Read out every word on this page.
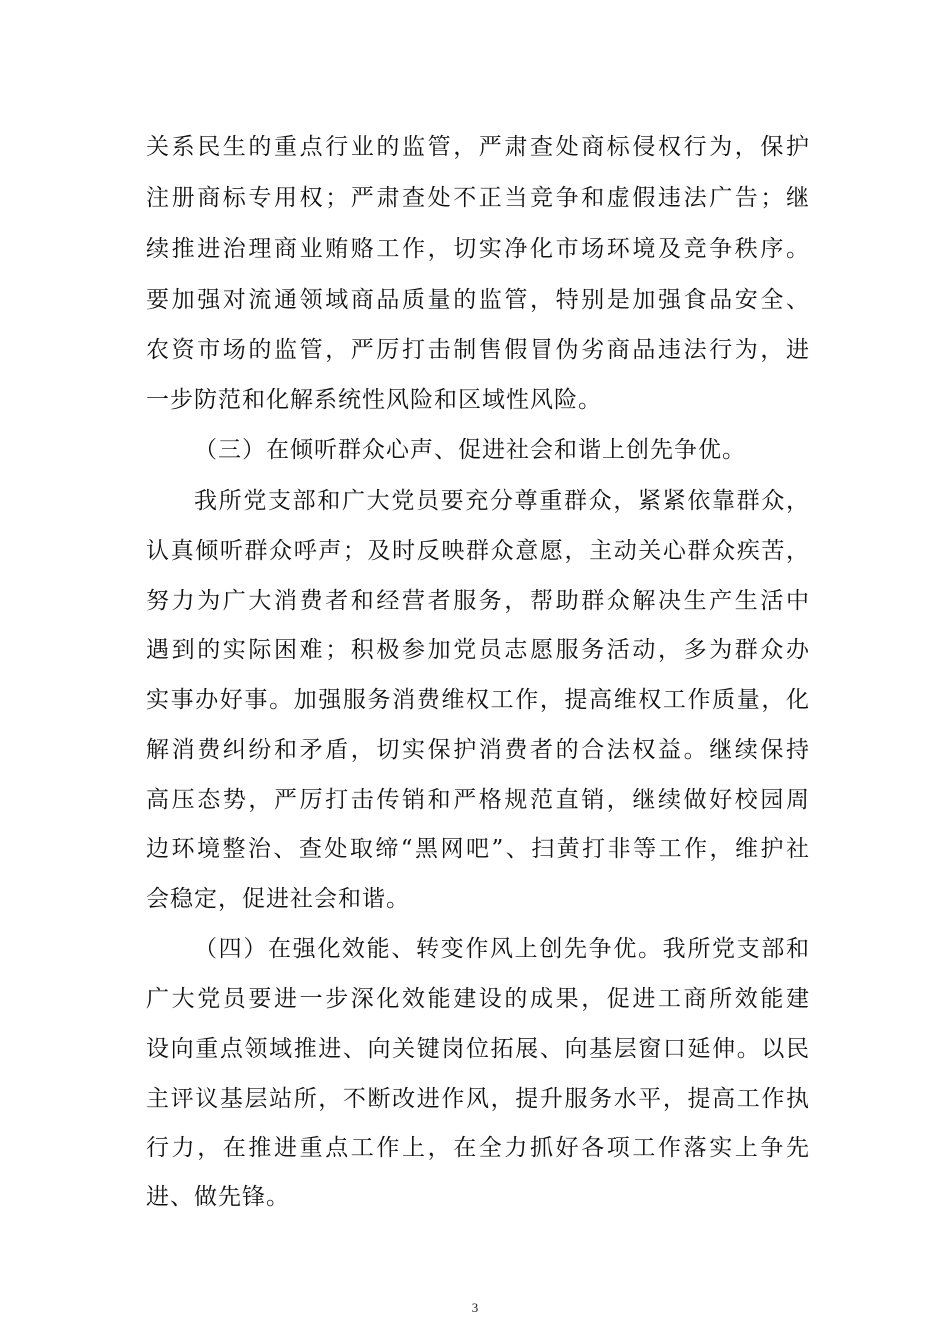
关系民生的重点行业的监管，严肃查处商标侵权行为，保护
注册商标专用权；严肃查处不正当竞争和虚假违法广告；继
续推进治理商业贿赂工作，切实净化市场环境及竞争秩序。
要加强对流通领域商品质量的监管，特别是加强食品安全、
农资市场的监管，严厉打击制售假冒伪劣商品违法行为，进
一步防范和化解系统性风险和区域性风险。
（三）在倾听群众心声、促进社会和谐上创先争优。
我所党支部和广大党员要充分尊重群众，紧紧依靠群众，
认真倾听群众呼声；及时反映群众意愿，主动关心群众疾苦，
努力为广大消费者和经营者服务，帮助群众解决生产生活中
遇到的实际困难；积极参加党员志愿服务活动，多为群众办
实事办好事。加强服务消费维权工作，提高维权工作质量，化
解消费纠纷和矛盾，切实保护消费者的合法权益。继续保持
高压态势，严厉打击传销和严格规范直销，继续做好校园周
边环境整治、查处取缔“黑网吧”、扫黄打非等工作，维护社
会稳定，促进社会和谐。
（四）在强化效能、转变作风上创先争优。我所党支部和
广大党员要进一步深化效能建设的成果，促进工商所效能建
设向重点领域推进、向关键岗位拓展、向基层窗口延伸。以民
主评议基层站所，不断改进作风，提升服务水平，提高工作执
行力，在推进重点工作上，在全力抓好各项工作落实上争先
进、做先锋。
3
